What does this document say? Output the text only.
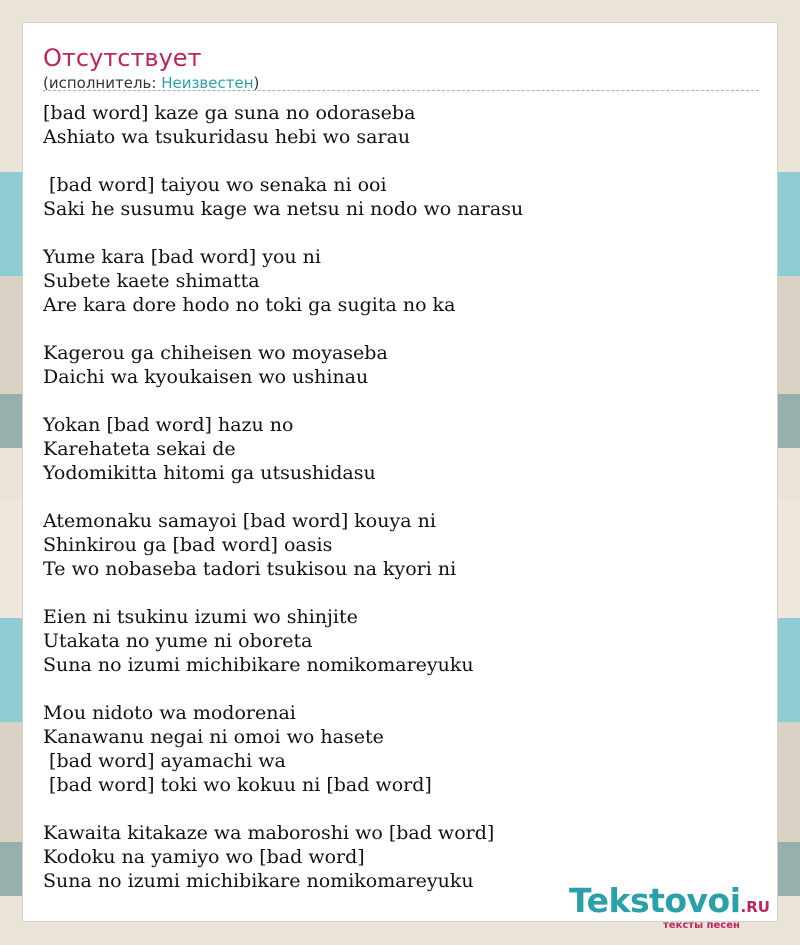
Отсутствует
(исполнитель: Неизвестен)
[bad word] kaze ga suna no odoraseba
Ashiato wa tsukuridasu hebi wo sarau
[bad word] taiyou wo senaka ni ooi
Saki he susumu kage wa netsu ni nodo wo narasu
Yume kara [bad word] you ni
Subete kaete shimatta
Are kara dore hodo no toki ga sugita no ka
Kagerou ga chiheisen wo moyaseba
Daichi wa kyoukaisen wo ushinau
Yokan [bad word] hazu no
Karehateta sekai de
Yodomikitta hitomi ga utsushidasu
Atemonaku samayoi [bad word] kouya ni
Shinkirou ga [bad word] oasis
Te wo nobaseba tadori tsukisou na kyori ni
Eien ni tsukinu izumi wo shinjite
Utakata no yume ni oboreta
Suna no izumi michibikare nomikomareyuku
Mou nidoto wa modorenai
Kanawanu negai ni omoi wo hasete
[bad word] ayamachi wa
[bad word] toki wo kokuu ni [bad word]
Kawaita kitakaze wa maboroshi wo [bad word]
Kodoku na yamiyo wo [bad word]
Suna no izumi michibikare nomikomareyuku	Tekstovoi.RU
тексты песен
